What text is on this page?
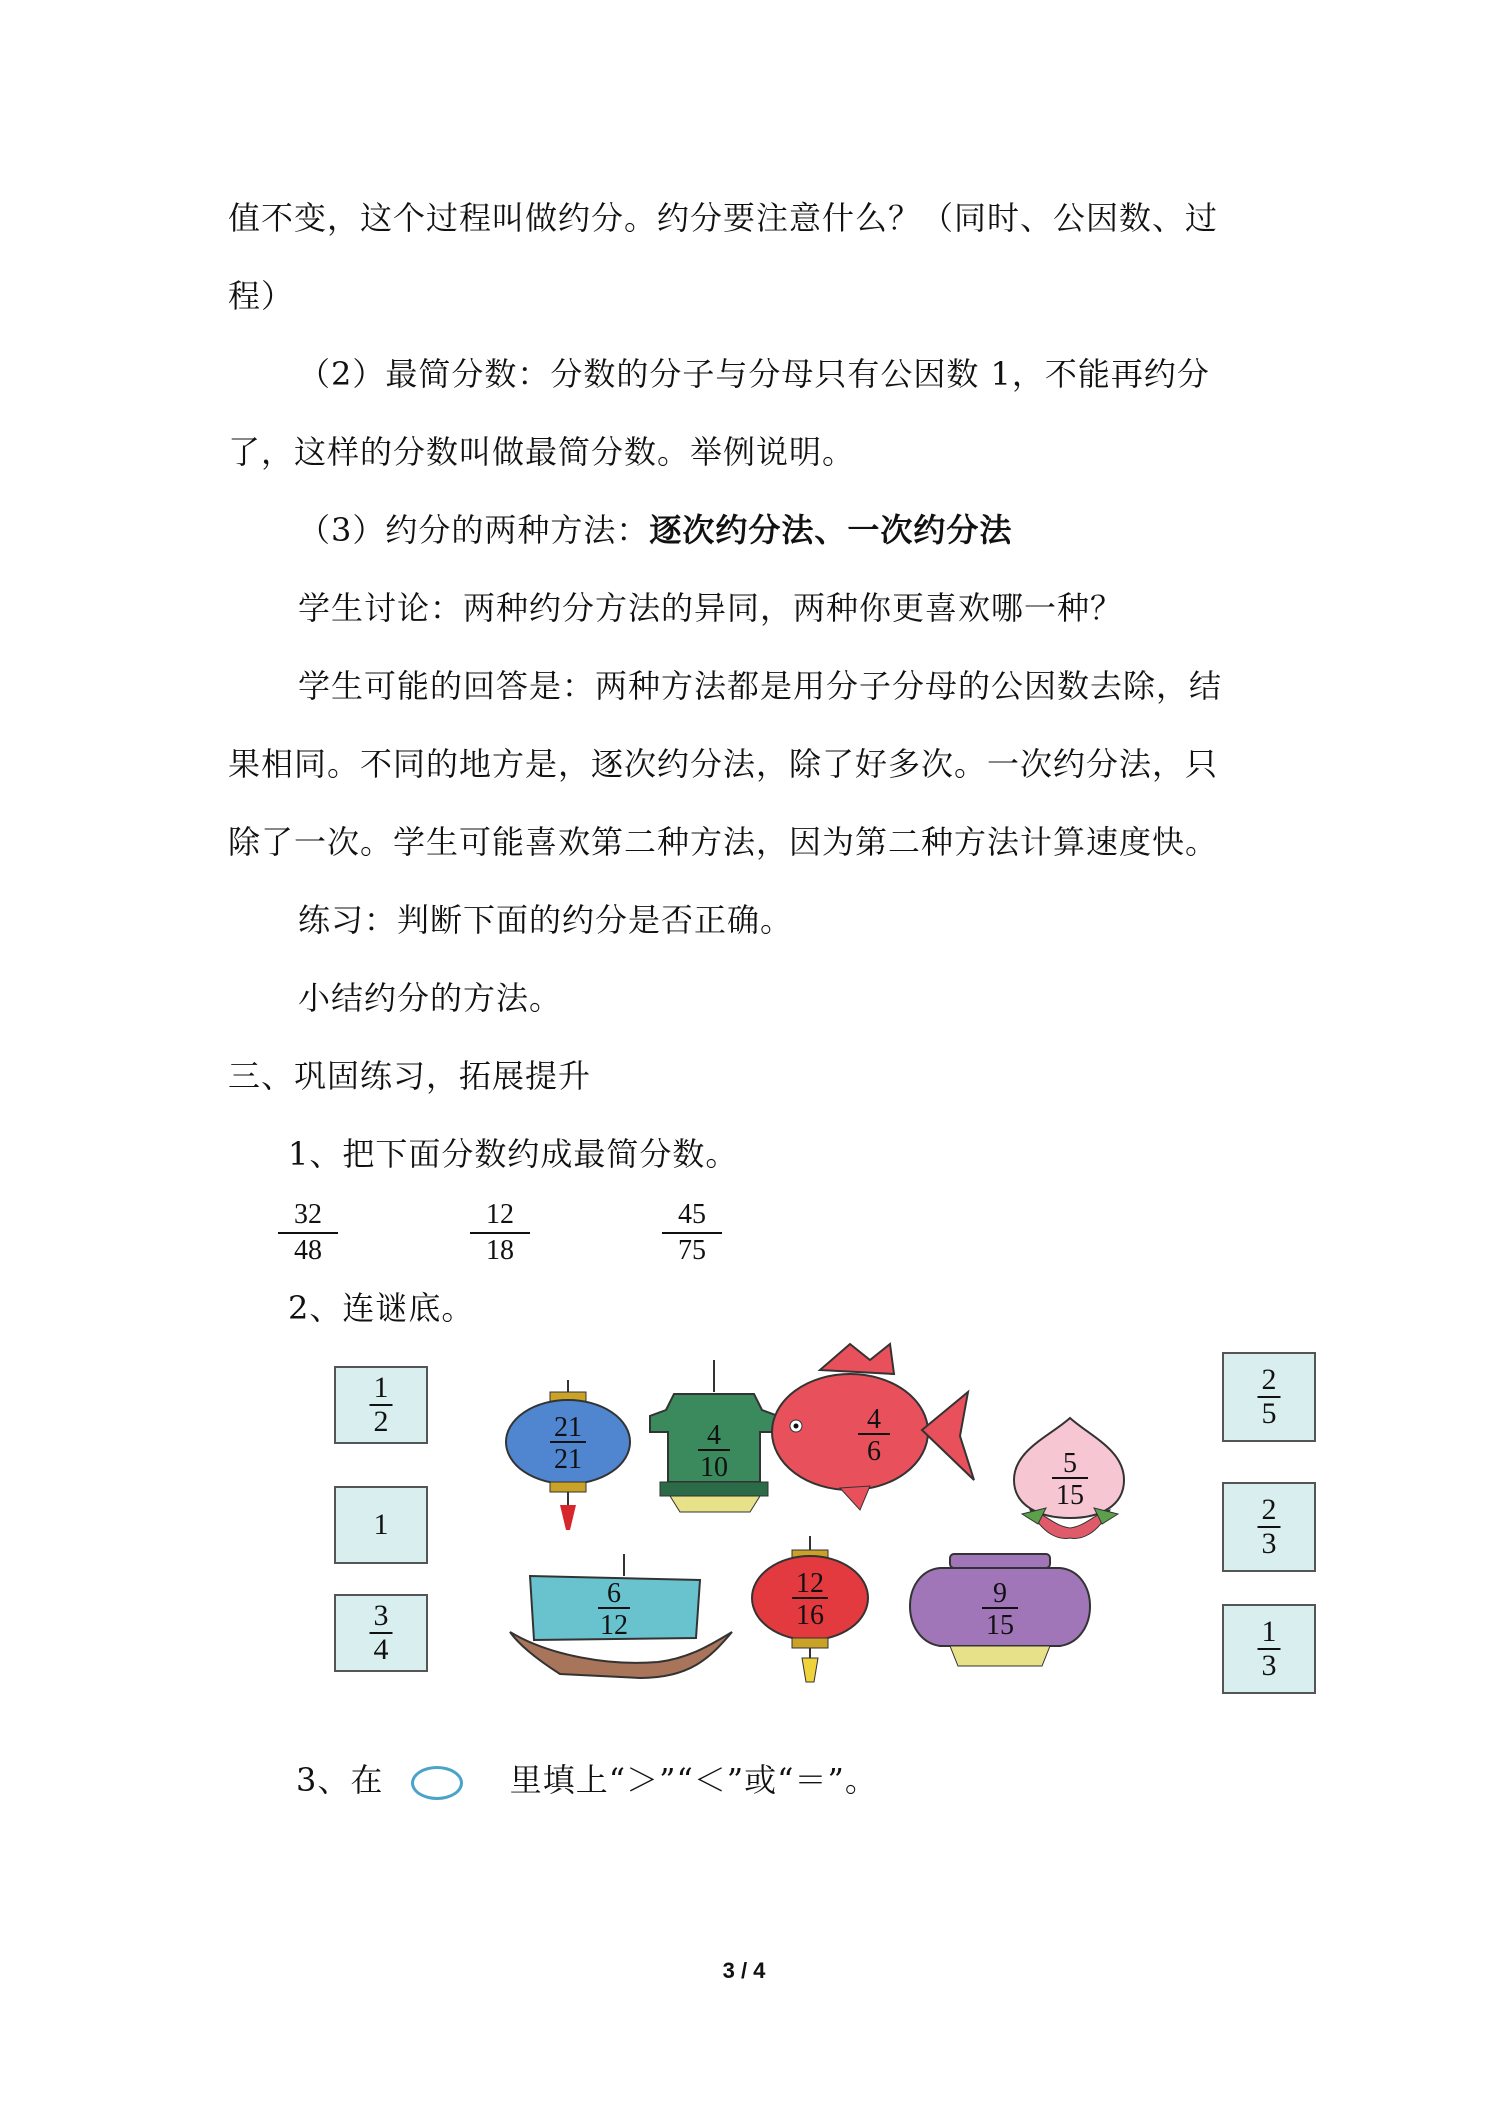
值不变，这个过程叫做约分。约分要注意什么？（同时、公因数、过
程）
（2）最简分数：分数的分子与分母只有公因数 1，不能再约分
了，这样的分数叫做最简分数。举例说明。
（3）约分的两种方法：逐次约分法、一次约分法
学生讨论：两种约分方法的异同，两种你更喜欢哪一种？
学生可能的回答是：两种方法都是用分子分母的公因数去除，结
果相同。不同的地方是，逐次约分法，除了好多次。一次约分法，只
除了一次。学生可能喜欢第二种方法，因为第二种方法计算速度快。
练习：判断下面的约分是否正确。
小结约分的方法。
三、巩固练习，拓展提升
1、把下面分数约成最简分数。
$\frac{32}{48}$	$\frac{12}{18}$	$\frac{45}{75}$
2、连谜底。
$\frac{1}{2}$
1
$\frac{3}{4}$
$\frac{2}{5}$
$\frac{2}{3}$
$\frac{1}{3}$
21
21
4
10
4
6	5
15
6
12
12
16
9
15
3、在	里填上“＞”“＜”或“＝”。
3 / 4
